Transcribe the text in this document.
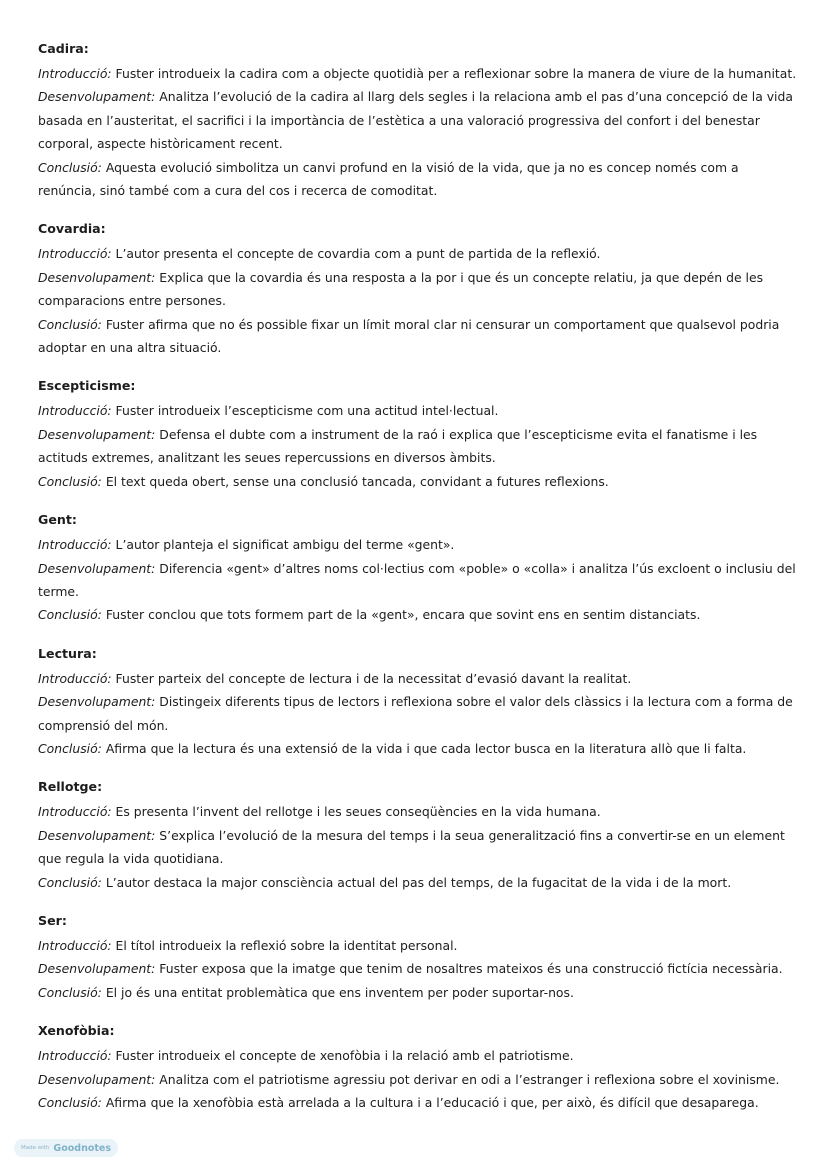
Cadira:

Introducció: Fuster introdueix la cadira com a objecte quotidià per a reflexionar sobre la manera de viure de la humanitat.

Desenvolupament: Analitza l’evolució de la cadira al llarg dels segles i la relaciona amb el pas d’una concepció de la vida basada en l’austeritat, el sacrifici i la importància de l’estètica a una valoració progressiva del confort i del benestar corporal, aspecte històricament recent.

Conclusió: Aquesta evolució simbolitza un canvi profund en la visió de la vida, que ja no es concep només com a renúncia, sinó també com a cura del cos i recerca de comoditat.

Covardia:

Introducció: L’autor presenta el concepte de covardia com a punt de partida de la reflexió.

Desenvolupament: Explica que la covardia és una resposta a la por i que és un concepte relatiu, ja que depén de les comparacions entre persones.

Conclusió: Fuster afirma que no és possible fixar un límit moral clar ni censurar un comportament que qualsevol podria adoptar en una altra situació.

Escepticisme:

Introducció: Fuster introdueix l’escepticisme com una actitud intel·lectual.

Desenvolupament: Defensa el dubte com a instrument de la raó i explica que l’escepticisme evita el fanatisme i les actituds extremes, analitzant les seues repercussions en diversos àmbits.

Conclusió: El text queda obert, sense una conclusió tancada, convidant a futures reflexions.

Gent:

Introducció: L’autor planteja el significat ambigu del terme «gent».

Desenvolupament: Diferencia «gent» d’altres noms col·lectius com «poble» o «colla» i analitza l’ús excloent o inclusiu del terme.

Conclusió: Fuster conclou que tots formem part de la «gent», encara que sovint ens en sentim distanciats.

Lectura:

Introducció: Fuster parteix del concepte de lectura i de la necessitat d’evasió davant la realitat.

Desenvolupament: Distingeix diferents tipus de lectors i reflexiona sobre el valor dels clàssics i la lectura com a forma de comprensió del món.

Conclusió: Afirma que la lectura és una extensió de la vida i que cada lector busca en la literatura allò que li falta.

Rellotge:

Introducció: Es presenta l’invent del rellotge i les seues conseqüències en la vida humana.

Desenvolupament: S’explica l’evolució de la mesura del temps i la seua generalització fins a convertir-se en un element que regula la vida quotidiana.

Conclusió: L’autor destaca la major consciència actual del pas del temps, de la fugacitat de la vida i de la mort.

Ser:

Introducció: El títol introdueix la reflexió sobre la identitat personal.

Desenvolupament: Fuster exposa que la imatge que tenim de nosaltres mateixos és una construcció fictícia necessària.

Conclusió: El jo és una entitat problemàtica que ens inventem per poder suportar-nos.

Xenofòbia:

Introducció: Fuster introdueix el concepte de xenofòbia i la relació amb el patriotisme.

Desenvolupament: Analitza com el patriotisme agressiu pot derivar en odi a l’estranger i reflexiona sobre el xovinisme.

Conclusió: Afirma que la xenofòbia està arrelada a la cultura i a l’educació i que, per això, és difícil que desaparega.

Made with Goodnotes
